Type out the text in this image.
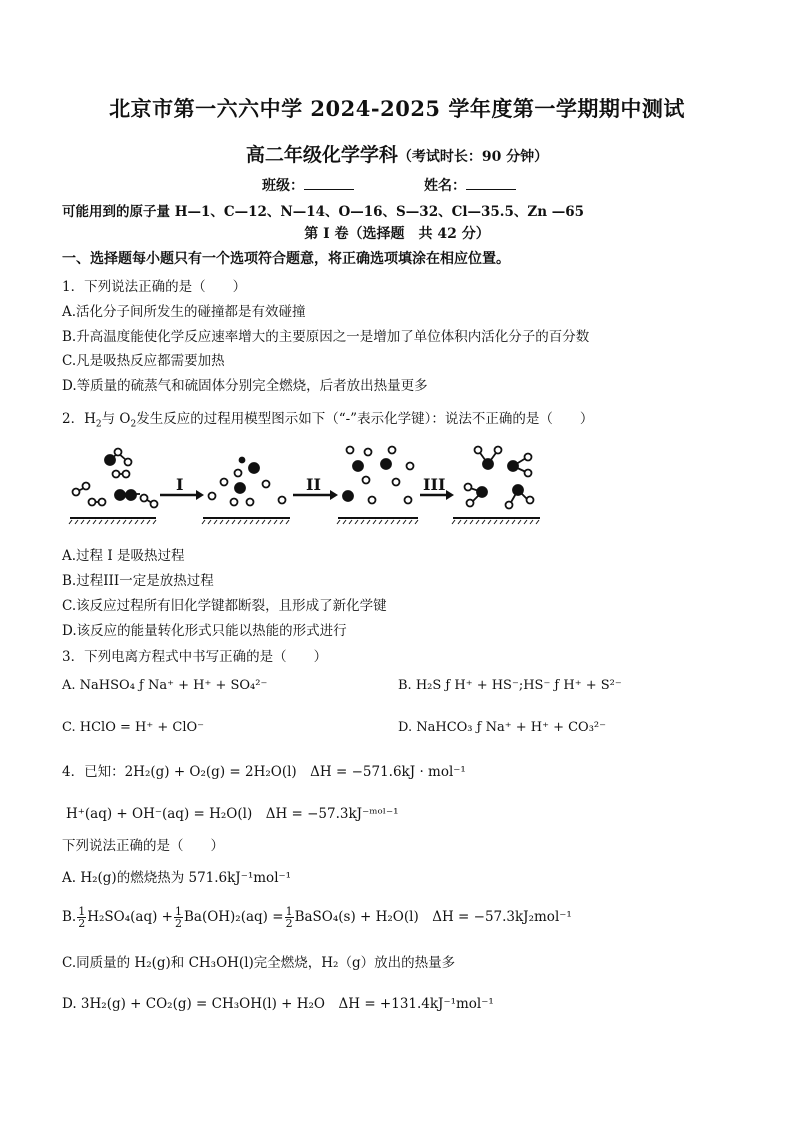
北京市第一六六中学 2024-2025 学年度第一学期期中测试
高二年级化学学科（考试时长：90 分钟）
班级：	姓名：
可能用到的原子量 H—1、C—12、N—14、O—16、S—32、Cl—35.5、Zn —65
第 I 卷（选择题　共 42 分）
一、选择题每小题只有一个选项符合题意，将正确选项填涂在相应位置。
1．下列说法正确的是（　　）
A.活化分子间所发生的碰撞都是有效碰撞
B.升高温度能使化学反应速率增大的主要原因之一是增加了单位体积内活化分子的百分数
C.凡是吸热反应都需要加热
D.等质量的硫蒸气和硫固体分别完全燃烧，后者放出热量更多
2．$H_2$与 $O_2$发生反应的过程用模型图示如下（“-”表示化学键）：说法不正确的是（　　）
I	II	III
A.过程 I 是吸热过程
B.过程III一定是放热过程
C.该反应过程所有旧化学键都断裂，且形成了新化学键
D.该反应的能量转化形式只能以热能的形式进行
3．下列电离方程式中书写正确的是（　　）
A. NaHSO₄ ƒ Na⁺ + H⁺ + SO₄²⁻	B. H₂S ƒ H⁺ + HS⁻;HS⁻ ƒ H⁺ + S²⁻
C. HClO = H⁺ + ClO⁻	D. NaHCO₃ ƒ Na⁺ + H⁺ + CO₃²⁻
4．已知：2H₂(g) + O₂(g) = 2H₂O(l)　ΔH = −571.6kJ · mol⁻¹
H⁺(aq) + OH⁻(aq) = H₂O(l)　ΔH = −57.3kJ⁻ᵐᵒˡ⁻¹
下列说法正确的是（　　）
A. H₂(g)的燃烧热为 571.6kJ⁻¹mol⁻¹
B. $\frac{1}{2} H_2SO_4(aq) + \frac{1}{2} Ba(OH)_2(aq) = \frac{1}{2}$ BaSO₄(s) + H₂O(l)　ΔH = −57.3kJ₂mol⁻¹
C.同质量的 H₂(g)和 CH₃OH(l)完全燃烧，H₂（g）放出的热量多
D. 3H₂(g) + CO₂(g) = CH₃OH(l) + H₂O　ΔH = +131.4kJ⁻¹mol⁻¹
